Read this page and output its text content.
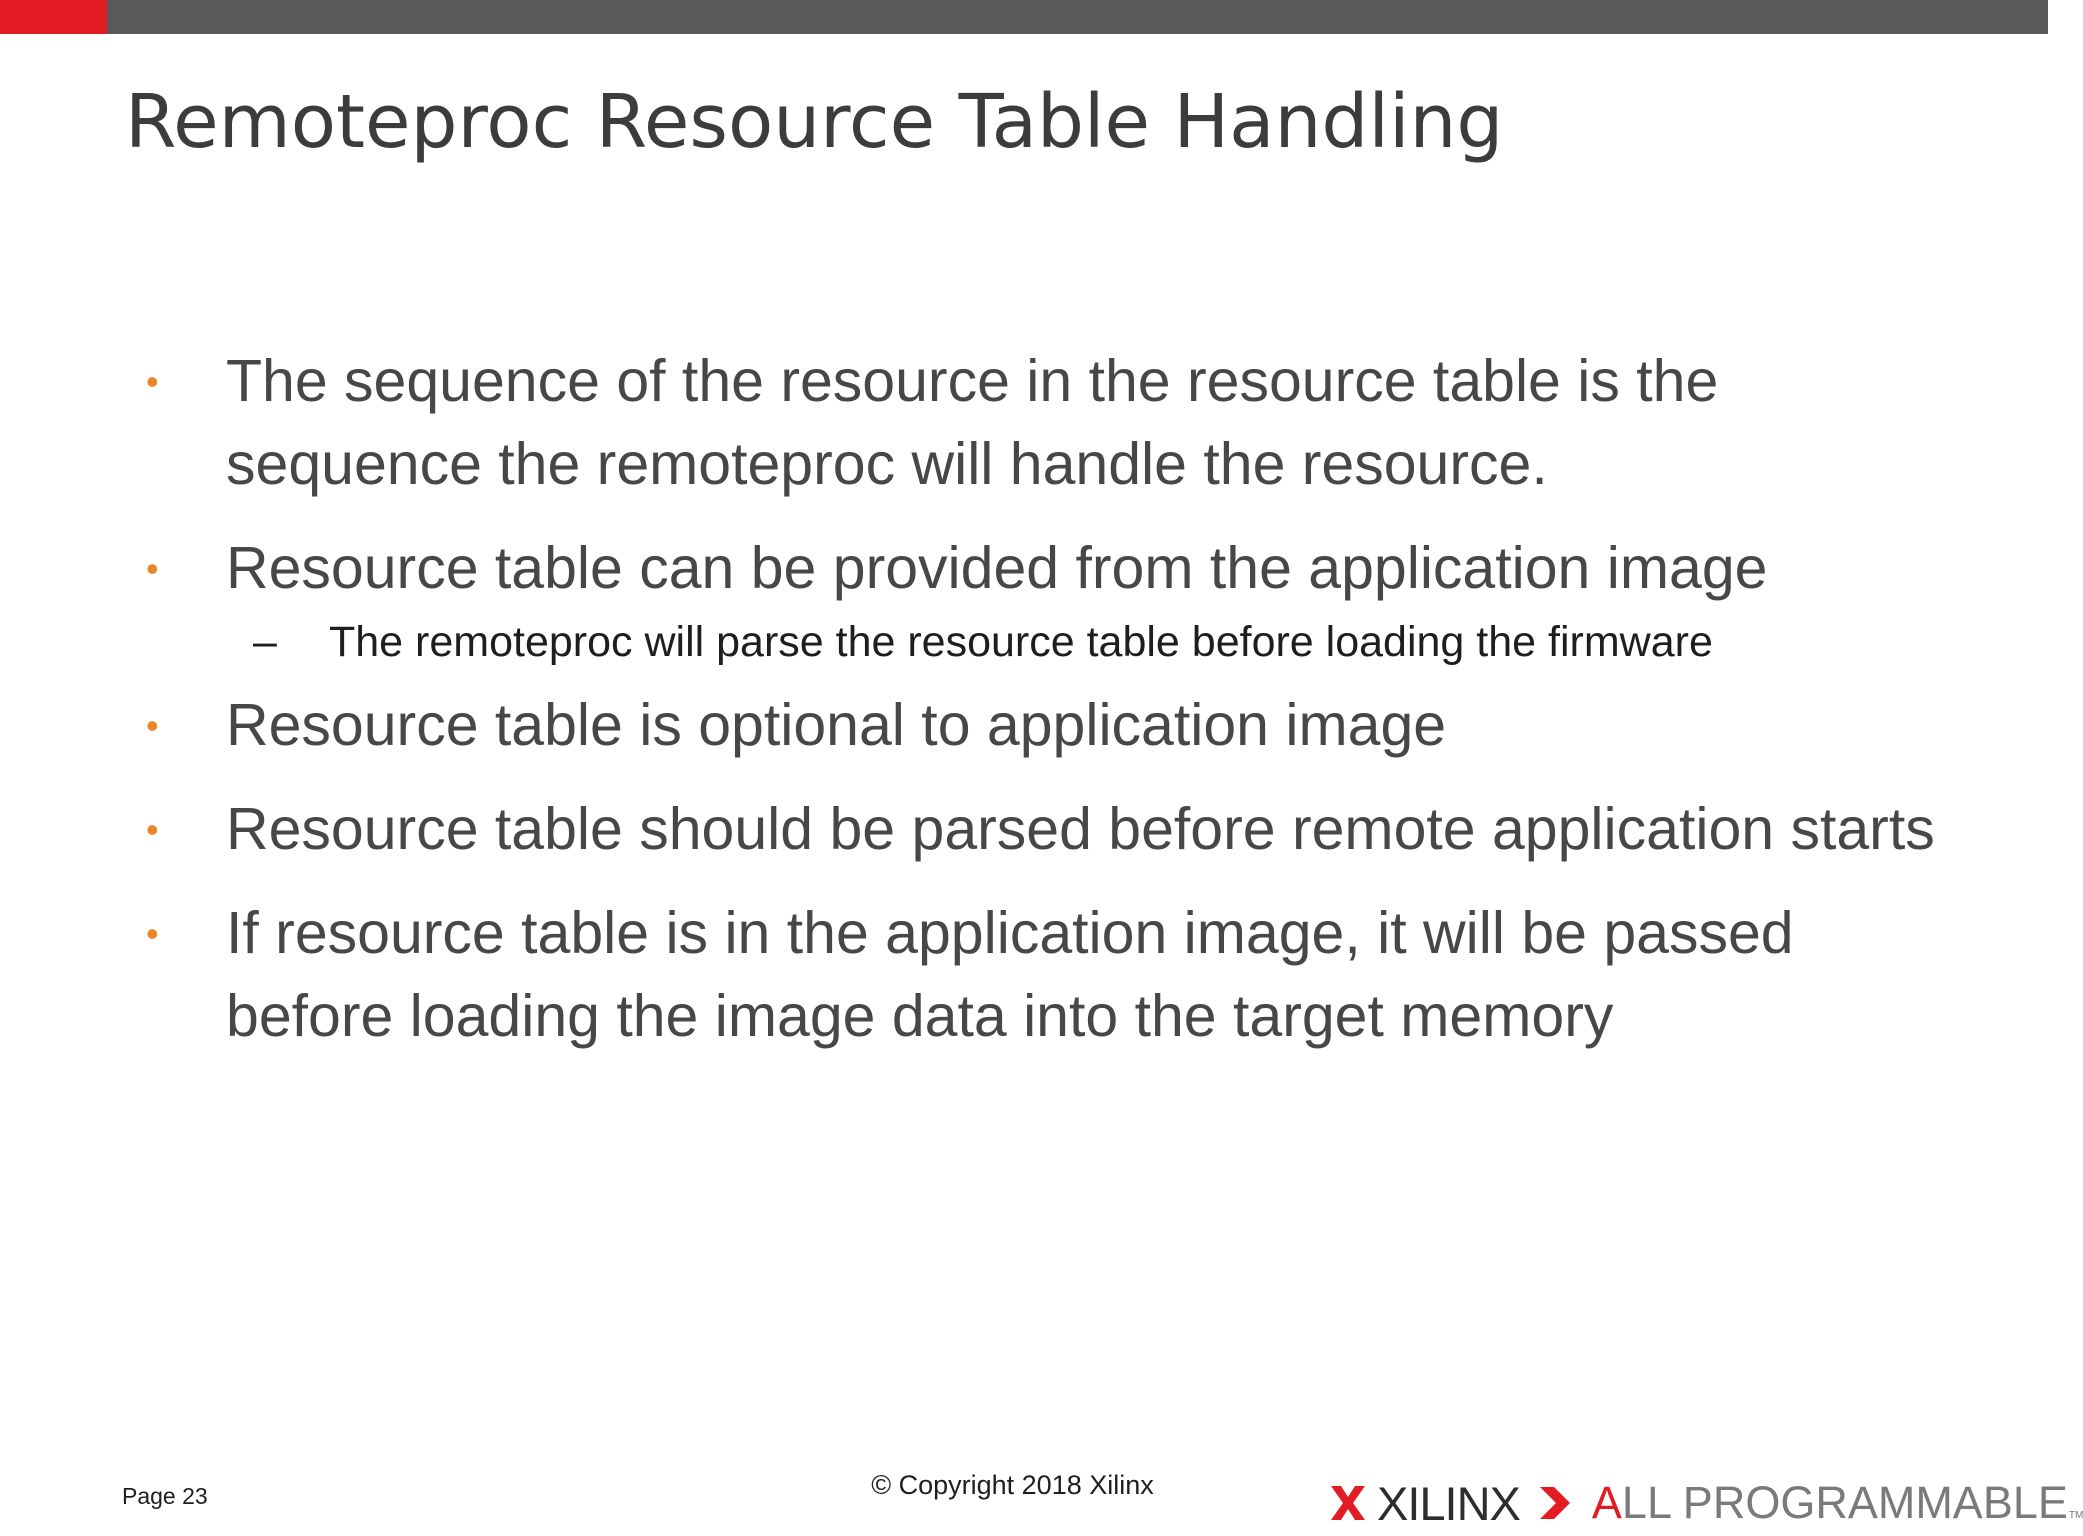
Remoteproc Resource Table Handling
• The sequence of the resource in the resource table is the sequence the remoteproc will handle the resource.
• Resource table can be provided from the application image
– The remoteproc will parse the resource table before loading the firmware
• Resource table is optional to application image
• Resource table should be parsed before remote application starts
• If resource table is in the application image, it will be passed before loading the image data into the target memory
Page 23	© Copyright 2018 Xilinx	XILINX ALL PROGRAMMABLE TM
